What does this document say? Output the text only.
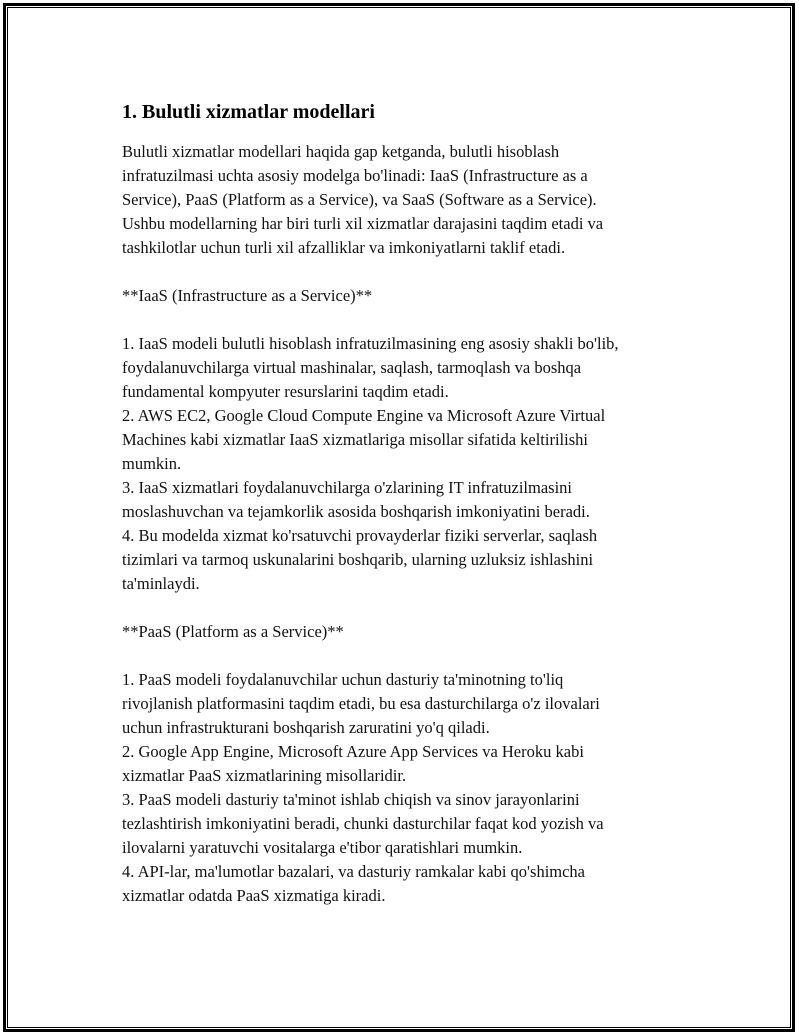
1. Bulutli xizmatlar modellari
Bulutli xizmatlar modellari haqida gap ketganda, bulutli hisoblash
infratuzilmasi uchta asosiy modelga bo'linadi: IaaS (Infrastructure as a
Service), PaaS (Platform as a Service), va SaaS (Software as a Service).
Ushbu modellarning har biri turli xil xizmatlar darajasini taqdim etadi va
tashkilotlar uchun turli xil afzalliklar va imkoniyatlarni taklif etadi.
**IaaS (Infrastructure as a Service)**
1. IaaS modeli bulutli hisoblash infratuzilmasining eng asosiy shakli bo'lib,
foydalanuvchilarga virtual mashinalar, saqlash, tarmoqlash va boshqa
fundamental kompyuter resurslarini taqdim etadi.
2. AWS EC2, Google Cloud Compute Engine va Microsoft Azure Virtual
Machines kabi xizmatlar IaaS xizmatlariga misollar sifatida keltirilishi
mumkin.
3. IaaS xizmatlari foydalanuvchilarga o'zlarining IT infratuzilmasini
moslashuvchan va tejamkorlik asosida boshqarish imkoniyatini beradi.
4. Bu modelda xizmat ko'rsatuvchi provayderlar fiziki serverlar, saqlash
tizimlari va tarmoq uskunalarini boshqarib, ularning uzluksiz ishlashini
ta'minlaydi.
**PaaS (Platform as a Service)**
1. PaaS modeli foydalanuvchilar uchun dasturiy ta'minotning to'liq
rivojlanish platformasini taqdim etadi, bu esa dasturchilarga o'z ilovalari
uchun infrastrukturani boshqarish zaruratini yo'q qiladi.
2. Google App Engine, Microsoft Azure App Services va Heroku kabi
xizmatlar PaaS xizmatlarining misollaridir.
3. PaaS modeli dasturiy ta'minot ishlab chiqish va sinov jarayonlarini
tezlashtirish imkoniyatini beradi, chunki dasturchilar faqat kod yozish va
ilovalarni yaratuvchi vositalarga e'tibor qaratishlari mumkin.
4. API-lar, ma'lumotlar bazalari, va dasturiy ramkalar kabi qo'shimcha
xizmatlar odatda PaaS xizmatiga kiradi.
